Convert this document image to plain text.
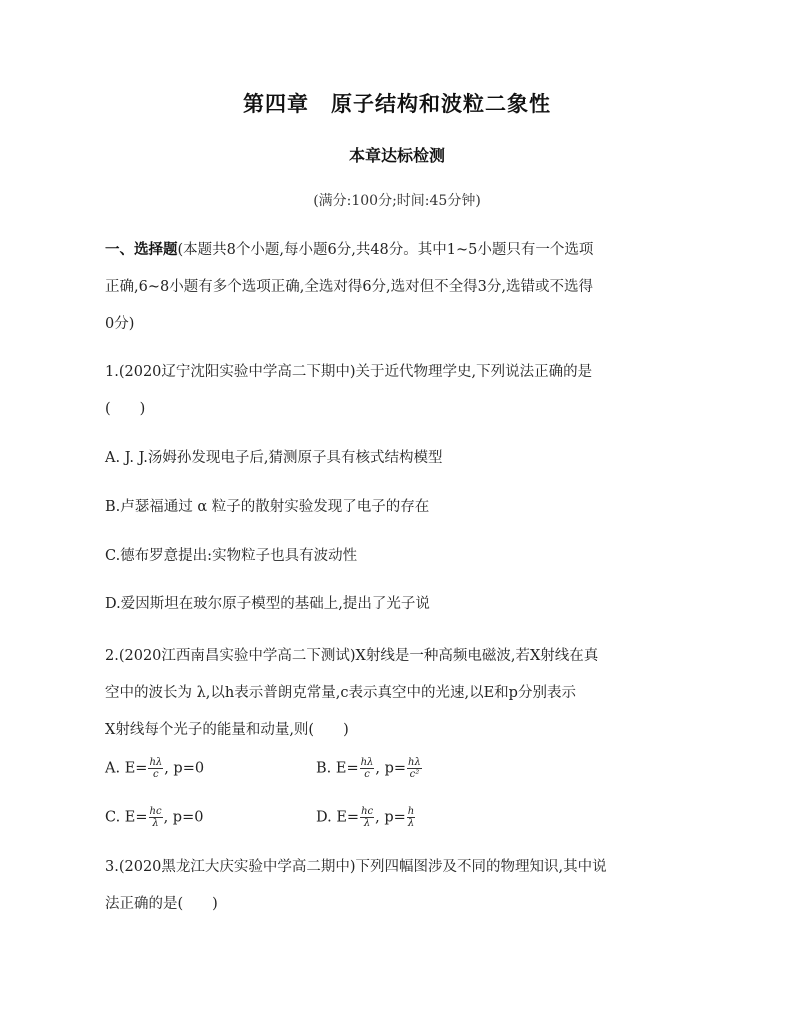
第四章　原子结构和波粒二象性
本章达标检测
(满分:100分;时间:45分钟)
一、选择题(本题共8个小题,每小题6分,共48分。其中1~5小题只有一个选项
正确,6~8小题有多个选项正确,全选对得6分,选对但不全得3分,选错或不选得
0分)
1.(2020辽宁沈阳实验中学高二下期中)关于近代物理学史,下列说法正确的是
(　　)
A. J. J.汤姆孙发现电子后,猜测原子具有核式结构模型
B.卢瑟福通过 α 粒子的散射实验发现了电子的存在
C.德布罗意提出:实物粒子也具有波动性
D.爱因斯坦在玻尔原子模型的基础上,提出了光子说
2.(2020江西南昌实验中学高二下测试)X射线是一种高频电磁波,若X射线在真
空中的波长为 λ,以h表示普朗克常量,c表示真空中的光速,以E和p分别表示
X射线每个光子的能量和动量,则(　　)
A. $E= \frac{h\lambda}{c}$ , p=0	B. $E= \frac{h\lambda}{c}$ , $p= \frac{h\lambda}{\text{c²}}$
C. $E= \frac{hc}{\lambda}$ , p=0	D. $E= \frac{hc}{\lambda}$ , $p= \frac{h}{\lambda}$
3.(2020黑龙江大庆实验中学高二期中)下列四幅图涉及不同的物理知识,其中说
法正确的是(　　)
